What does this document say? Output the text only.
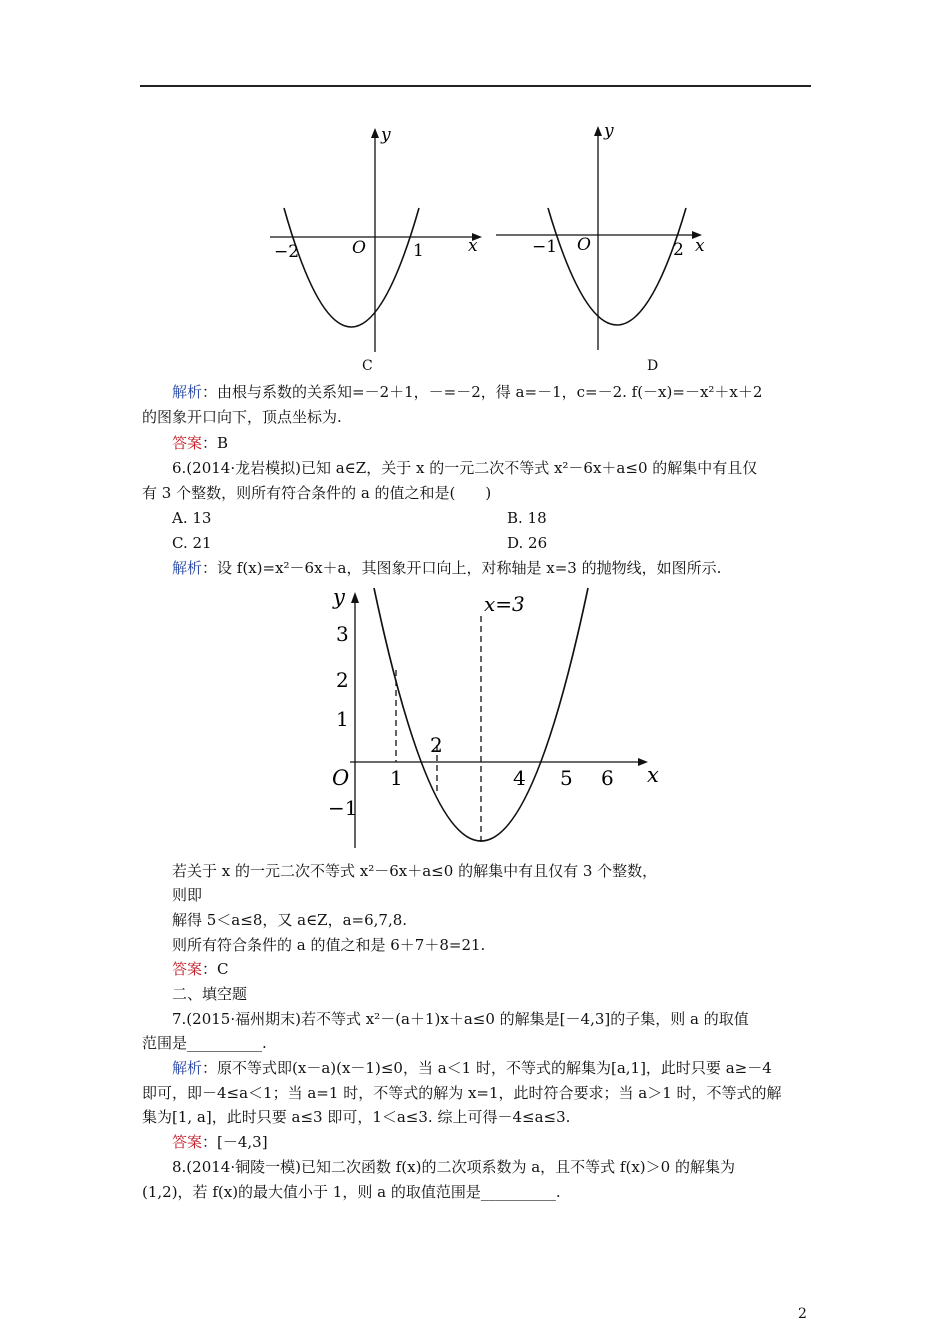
y
x
O
−2	1
C
y
x
O
−1	2
D
解析：由根与系数的关系知=－2＋1，－=－2，得 a=－1，c=－2. f(－x)=－x²＋x＋2
的图象开口向下，顶点坐标为.
答案：B
6.(2014·龙岩模拟)已知 a∈Z，关于 x 的一元二次不等式 x²－6x＋a≤0 的解集中有且仅
有 3 个整数，则所有符合条件的 a 的值之和是(　　)
A. 13	B. 18
C. 21	D. 26
解析：设 f(x)=x²－6x＋a，其图象开口向上，对称轴是 x=3 的抛物线，如图所示.
y
x
O
x=3
3
2
1
−1
1
2
4 5 6
若关于 x 的一元二次不等式 x²－6x＋a≤0 的解集中有且仅有 3 个整数，
则即
解得 5＜a≤8，又 a∈Z，a=6,7,8.
则所有符合条件的 a 的值之和是 6＋7＋8=21.
答案：C
二、填空题
7.(2015·福州期末)若不等式 x²－(a＋1)x＋a≤0 的解集是[－4,3]的子集，则 a 的取值
范围是__________.
解析：原不等式即(x－a)(x－1)≤0，当 a＜1 时，不等式的解集为[a,1]，此时只要 a≥－4
即可，即－4≤a＜1；当 a=1 时，不等式的解为 x=1，此时符合要求；当 a＞1 时，不等式的解
集为[1, a]，此时只要 a≤3 即可，1＜a≤3. 综上可得－4≤a≤3.
答案：[－4,3]
8.(2014·铜陵一模)已知二次函数 f(x)的二次项系数为 a，且不等式 f(x)＞0 的解集为
(1,2)，若 f(x)的最大值小于 1，则 a 的取值范围是__________.
2
